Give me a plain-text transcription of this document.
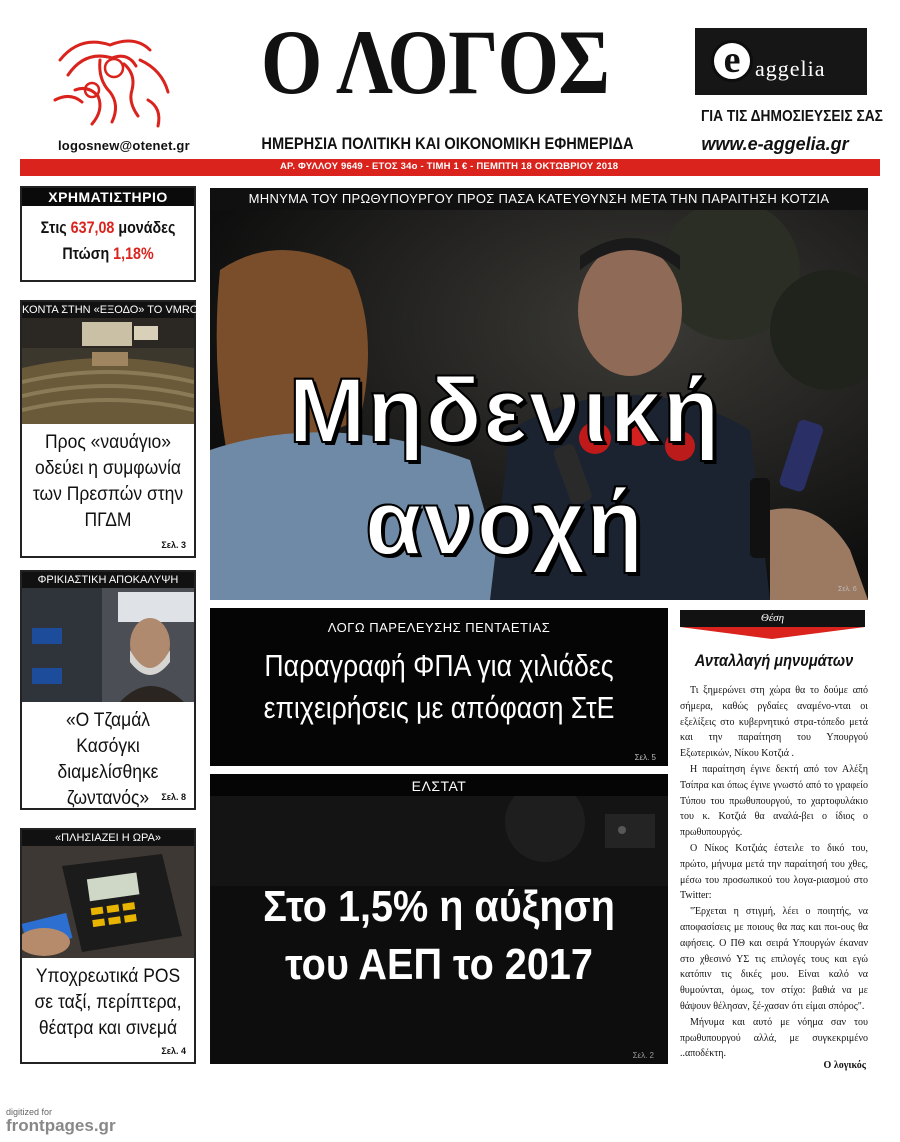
logosnew@otenet.gr
Ο ΛΟΓΟΣ
ΗΜΕΡΗΣΙΑ ΠΟΛΙΤΙΚΗ ΚΑΙ ΟΙΚΟΝΟΜΙΚΗ ΕΦΗΜΕΡΙΔΑ
e aggelia
ΓΙΑ ΤΙΣ ΔΗΜΟΣΙΕΥΣΕΙΣ ΣΑΣ
www.e-aggelia.gr
ΑΡ. ΦΥΛΛΟΥ 9649 - ΕΤΟΣ 34ο - ΤΙΜΗ 1 € - ΠΕΜΠΤΗ 18 ΟΚΤΩΒΡΙΟΥ 2018
ΧΡΗΜΑΤΙΣΤΗΡΙΟ
Στις 637,08 μονάδες
Πτώση 1,18%
ΚΟΝΤΑ ΣΤΗΝ «ΕΞΟΔΟ» ΤΟ VMRO
Προς «ναυάγιο» οδεύει η συμφωνία των Πρεσπών στην ΠΓΔΜ
Σελ. 3
ΦΡΙΚΙΑΣΤΙΚΗ ΑΠΟΚΑΛΥΨΗ
«Ο Τζαμάλ Κασόγκι διαμελίσθηκε ζωντανός»	Σελ. 8
«ΠΛΗΣΙΑΖΕΙ Η ΩΡΑ»
Υποχρεωτικά POS σε ταξί, περίπτερα, θέατρα και σινεμά
Σελ. 4
ΜΗΝΥΜΑ ΤΟΥ ΠΡΩΘΥΠΟΥΡΓΟΥ ΠΡΟΣ ΠΑΣΑ ΚΑΤΕΥΘΥΝΣΗ ΜΕΤΑ ΤΗΝ ΠΑΡΑΙΤΗΣΗ ΚΟΤΖΙΑ
Μηδενική ανοχή
Σελ. 6
ΛΟΓΩ ΠΑΡΕΛΕΥΣΗΣ ΠΕΝΤΑΕΤΙΑΣ
Παραγραφή ΦΠΑ για χιλιάδες
επιχειρήσεις με απόφαση ΣτΕ
Σελ. 5
ΕΛΣΤΑΤ
Στο 1,5% η αύξηση
του ΑΕΠ το 2017
Σελ. 2
Θέση
Ανταλλαγή μηνυμάτων

Τι ξημερώνει στη χώρα θα το δούμε από σήμερα, καθώς ργδαίες αναμένο-νται οι εξελίξεις στο κυβερνητικό στρα-τόπεδο μετά και την παραίτηση του Υπουργού Εξωτερικών, Νίκου Κοτζιά .

Η παραίτηση έγινε δεκτή από τον Αλέξη Τσίπρα και όπως έγινε γνωστό από το γραφείο Τύπου του πρωθυπουργού, το χαρτοφυλάκιο του κ. Κοτζιά θα αναλά-βει ο ίδιος ο πρωθυπουργός.

Ο Νίκος Κοτζιάς έστειλε το δικό του, πρώτο, μήνυμα μετά την παραίτησή του χθες, μέσω του προσωπικού του λογα-ριασμού στο Twitter:

"Έρχεται η στιγμή, λέει ο ποιητής, να αποφασίσεις με ποιους θα πας και ποι-ους θα αφήσεις. Ο ΠΘ και σειρά Υπουργών έκαναν στο χθεσινό ΥΣ τις επιλογές τους και εγώ κατόπιν τις δικές μου. Είναι καλό να θυμούνται, όμως, τον στίχο: βαθιά να με θάψουν θέλησαν, ξέ-χασαν ότι είμαι σπόρος".

Μήνυμα και αυτό με νόημα σαν του πρωθυπουργού αλλά, με συγκεκριμένο ..αποδέκτη.

Ο λογικός
digitized for
frontpages.gr
